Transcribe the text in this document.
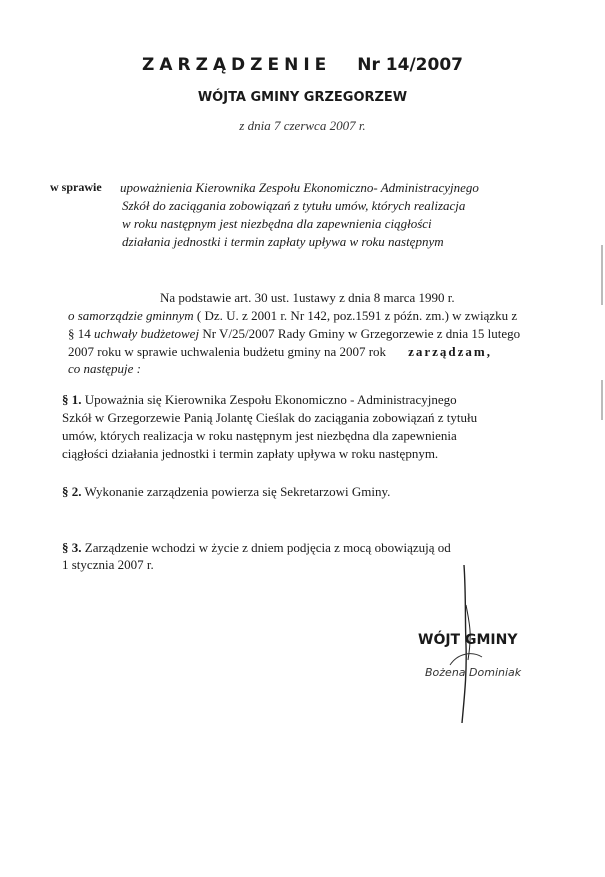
ZARZĄDZENIE Nr 14/2007
WÓJTA GMINY GRZEGORZEW
z dnia 7 czerwca 2007 r.
w sprawie upoważnienia Kierownika Zespołu Ekonomiczno- Administracyjnego
Szkół do zaciągania zobowiązań z tytułu umów, których realizacja
w roku następnym jest niezbędna dla zapewnienia ciągłości
działania jednostki i termin zapłaty upływa w roku następnym
Na podstawie art. 30 ust. 1ustawy z dnia 8 marca 1990 r.
o samorządzie gminnym ( Dz. U. z 2001 r. Nr 142, poz.1591 z późn. zm.) w związku z
§ 14 uchwały budżetowej Nr V/25/2007 Rady Gminy w Grzegorzewie z dnia 15 lutego
2007 roku w sprawie uchwalenia budżetu gminy na 2007 rok zarządzam,
co następuje :
§ 1. Upoważnia się Kierownika Zespołu Ekonomiczno - Administracyjnego
Szkół w Grzegorzewie Panią Jolantę Cieślak do zaciągania zobowiązań z tytułu
umów, których realizacja w roku następnym jest niezbędna dla zapewnienia
ciągłości działania jednostki i termin zapłaty upływa w roku następnym.
§ 2. Wykonanie zarządzenia powierza się Sekretarzowi Gminy.
§ 3. Zarządzenie wchodzi w życie z dniem podjęcia z mocą obowiązują od
1 stycznia 2007 r.
WÓJT GMINY
Bożena Dominiak
